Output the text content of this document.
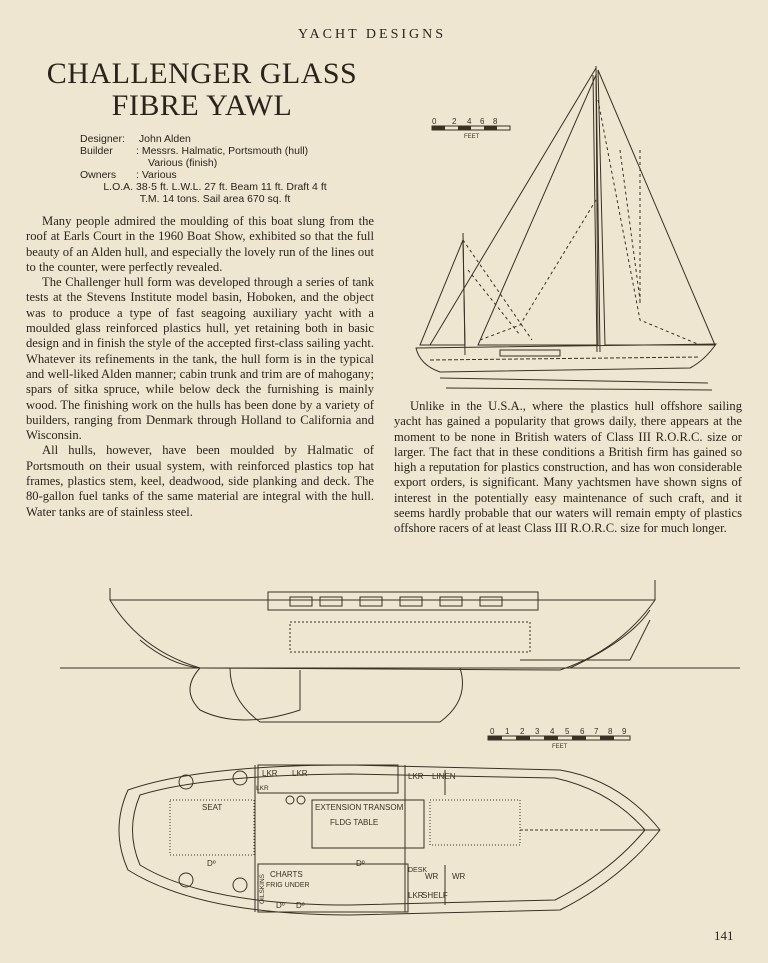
YACHT DESIGNS
CHALLENGER GLASS
FIBRE YAWL
Designer:
	John Alden
Builder	: Messrs. Halmatic, Portsmouth (hull)
Various (finish)
Owners	: Various
L.O.A. 38·5 ft. L.W.L. 27 ft. Beam 11 ft. Draft 4 ft
T.M. 14 tons. Sail area 670 sq. ft

Many people admired the moulding of this boat slung from the roof at Earls Court in the 1960 Boat Show, exhibited so that the full beauty of an Alden hull, and especially the lovely run of the lines out to the counter, were perfectly revealed.

The Challenger hull form was developed through a series of tank tests at the Stevens Institute model basin, Hoboken, and the object was to produce a type of fast seagoing auxiliary yacht with a moulded glass reinforced plastics hull, yet retaining both in basic design and in finish the style of the accepted first-class sailing yacht. Whatever its refinements in the tank, the hull form is in the typical and well-liked Alden manner; cabin trunk and trim are of mahogany; spars of sitka spruce, while below deck the furnishing is mainly wood. The finishing work on the hulls has been done by a variety of builders, ranging from Denmark through Holland to California and Wisconsin.

All hulls, however, have been moulded by Halmatic of Portsmouth on their usual system, with reinforced plastics top hat frames, plastics stem, keel, deadwood, side planking and deck. The 80-gallon fuel tanks of the same material are integral with the hull. Water tanks are of stainless steel.

Unlike in the U.S.A., where the plastics hull offshore sailing yacht has gained a popularity that grows daily, there appears at the moment to be none in British waters of Class III R.O.R.C. size or larger. The fact that in these conditions a British firm has gained so high a reputation for plastics construction, and has won considerable export orders, is significant. Many yachtsmen have shown signs of interest in the potentially easy maintenance of such craft, and it seems hardly probable that our waters will remain empty of plastics offshore racers of at least Class III R.O.R.C. size for much longer.

0 2 4 6 8
FEET
0 1 2 3 4 5 6 7 8 9
FEET
LKR LKR
LKR
LKR
LKR
LINEN
SEAT	EXTENSION TRANSOM
FLDG TABLE
Dº	Dº
Dº Dº
CHARTS
FRIG UNDER
OILSKINS
DESK
WR WR
SHELF
141
